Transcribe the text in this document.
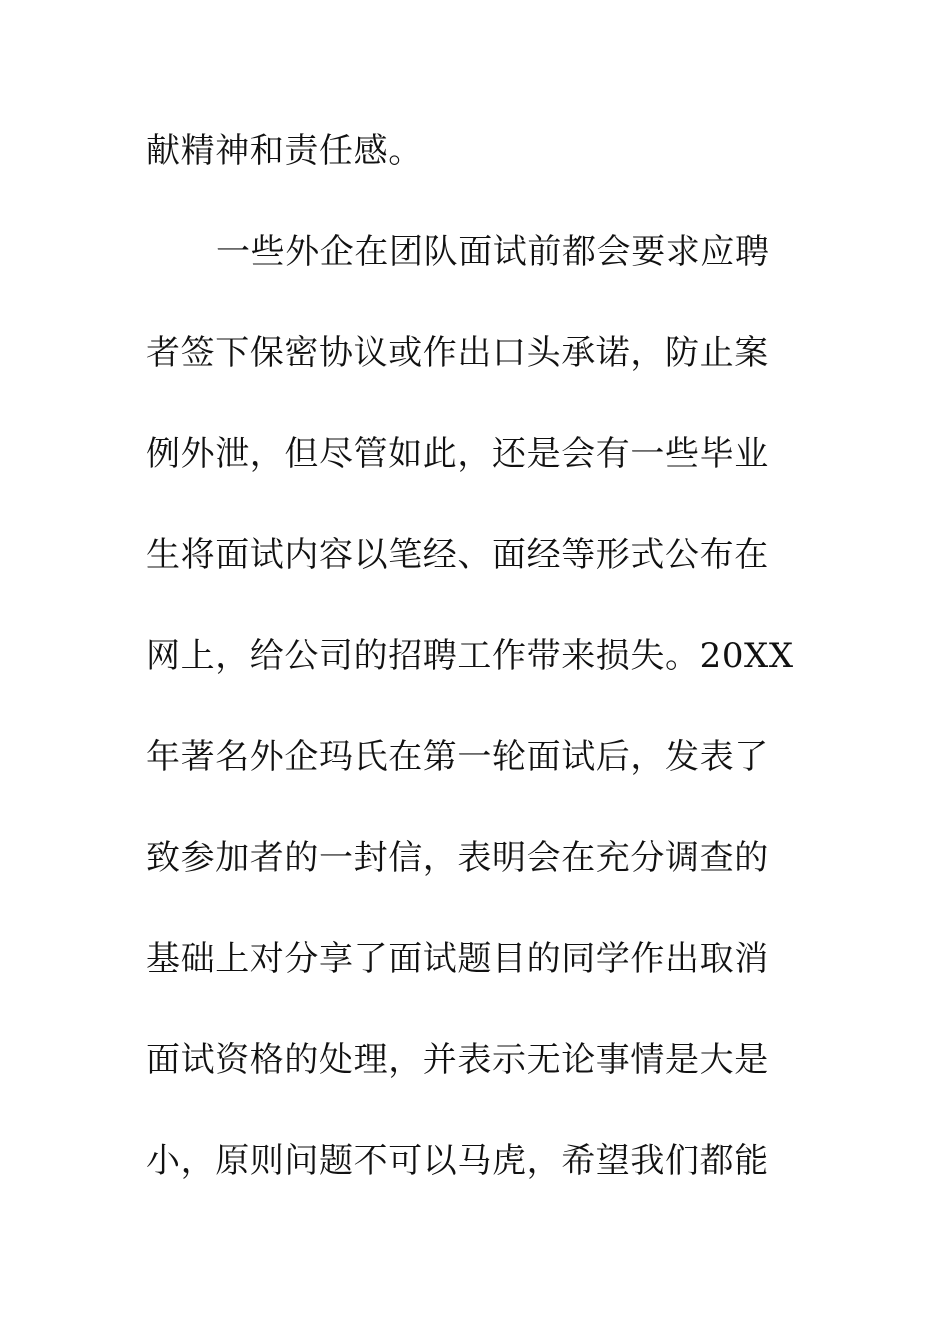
献精神和责任感。
一些外企在团队面试前都会要求应聘
者签下保密协议或作出口头承诺，防止案
例外泄，但尽管如此，还是会有一些毕业
生将面试内容以笔经、面经等形式公布在
网上，给公司的招聘工作带来损失。20XX
年著名外企玛氏在第一轮面试后，发表了
致参加者的一封信，表明会在充分调查的
基础上对分享了面试题目的同学作出取消
面试资格的处理，并表示无论事情是大是
小，原则问题不可以马虎，希望我们都能
